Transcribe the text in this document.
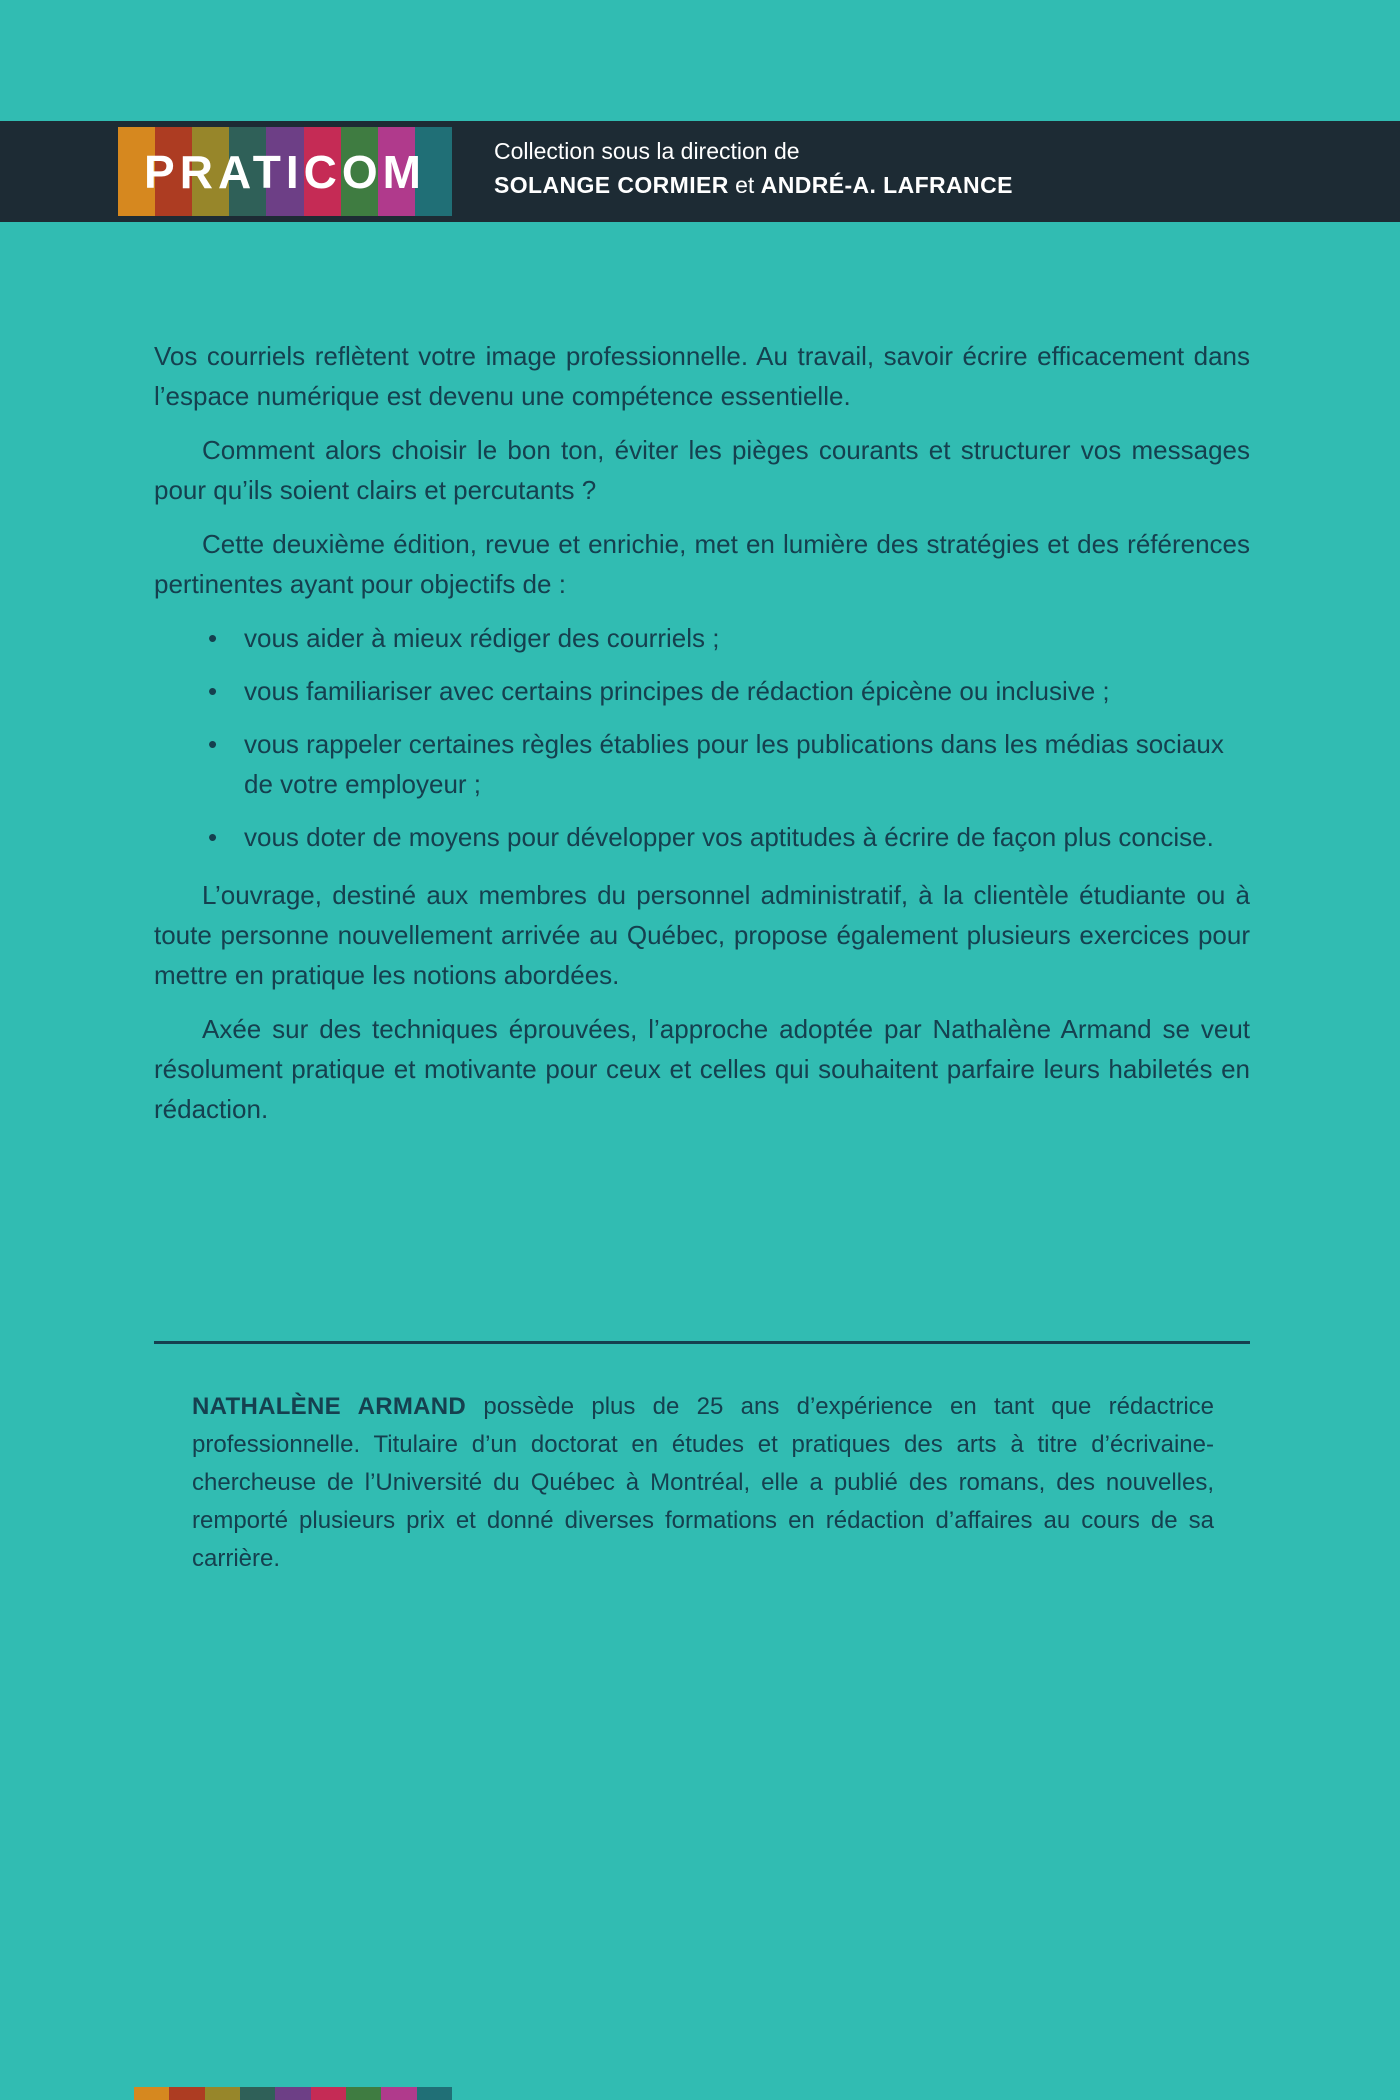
PRATICOM	Collection sous la direction de
SOLANGE CORMIER et ANDRÉ-A. LAFRANCE

Vos courriels reflètent votre image professionnelle. Au travail, savoir écrire efficacement dans l’espace numérique est devenu une compétence essentielle.

Comment alors choisir le bon ton, éviter les pièges courants et structurer vos messages pour qu’ils soient clairs et percutants ?

Cette deuxième édition, revue et enrichie, met en lumière des stratégies et des références pertinentes ayant pour objectifs de :

• vous aider à mieux rédiger des courriels ;
• vous familiariser avec certains principes de rédaction épicène ou inclusive ;
• vous rappeler certaines règles établies pour les publications dans les médias sociaux de votre employeur ;
• vous doter de moyens pour développer vos aptitudes à écrire de façon plus concise.

L’ouvrage, destiné aux membres du personnel administratif, à la clientèle étudiante ou à toute personne nouvellement arrivée au Québec, propose également plusieurs exercices pour mettre en pratique les notions abordées.

Axée sur des techniques éprouvées, l’approche adoptée par Nathalène Armand se veut résolument pratique et motivante pour ceux et celles qui souhaitent parfaire leurs habiletés en rédaction.

NATHALÈNE ARMAND possède plus de 25 ans d’expérience en tant que rédactrice professionnelle. Titulaire d’un doctorat en études et pratiques des arts à titre d’écrivaine-chercheuse de l’Université du Québec à Montréal, elle a publié des romans, des nouvelles, remporté plusieurs prix et donné diverses formations en rédaction d’affaires au cours de sa carrière.
